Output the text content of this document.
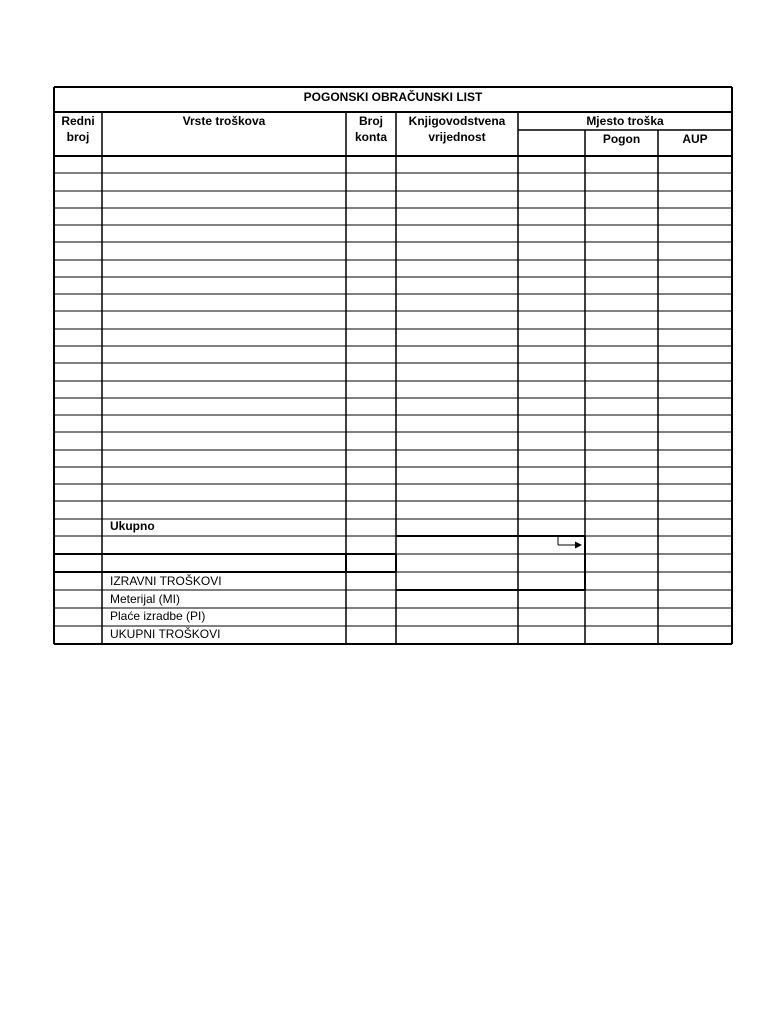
POGONSKI OBRAČUNSKI LIST
Redni
broj
Vrste troškova	Broj
konta
Knjigovodstvena
vrijednost
Mjesto troška
Pogon	AUP
Ukupno
IZRAVNI TROŠKOVI
Meterijal (MI)
Plaće izradbe (PI)
UKUPNI TROŠKOVI
